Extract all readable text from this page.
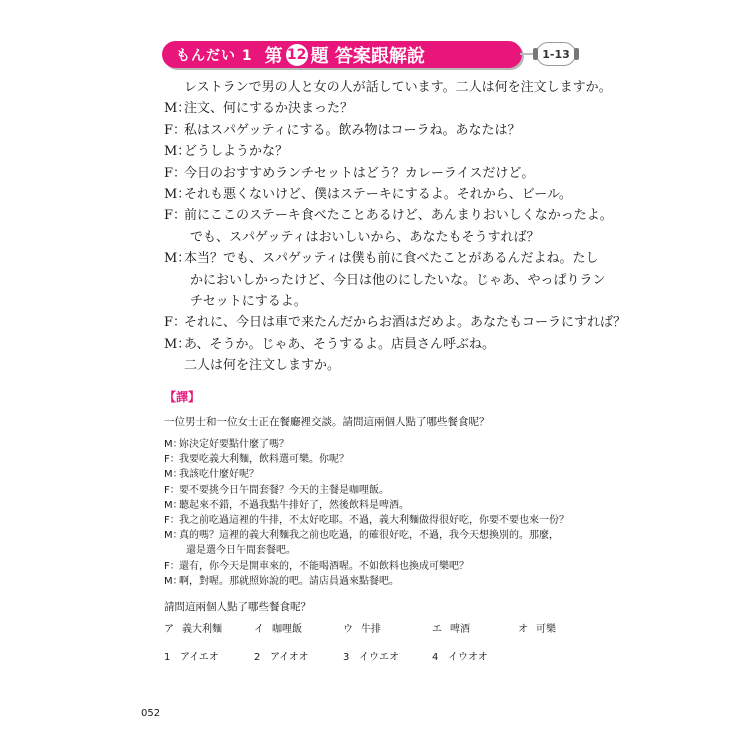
もんだい 1 第 12 題 答案跟解說	1-13
レストランで男の人と女の人が話しています。二人は何を注文しますか。
M：注文、何にするか決まった？
F：私はスパゲッティにする。飲み物はコーラね。あなたは？
M：どうしようかな？
F：今日のおすすめランチセットはどう？カレーライスだけど。
M：それも悪くないけど、僕はステーキにするよ。それから、ビール。
F：前にここのステーキ食べたことあるけど、あんまりおいしくなかったよ。
でも、スパゲッティはおいしいから、あなたもそうすれば？
M：本当？でも、スパゲッティは僕も前に食べたことがあるんだよね。たし
かにおいしかったけど、今日は他のにしたいな。じゃあ、やっぱりラン
チセットにするよ。
F：それに、今日は車で来たんだからお酒はだめよ。あなたもコーラにすれば？
M：あ、そうか。じゃあ、そうするよ。店員さん呼ぶね。
二人は何を注文しますか。
【譯】
一位男士和一位女士正在餐廳裡交談。請問這兩個人點了哪些餐食呢？
M：妳決定好要點什麼了嗎？
F：我要吃義大利麵，飲料選可樂。你呢？
M：我該吃什麼好呢？
F：要不要挑今日午間套餐？今天的主餐是咖哩飯。
M：聽起來不錯，不過我點牛排好了，然後飲料是啤酒。
F：我之前吃過這裡的牛排，不太好吃耶。不過，義大利麵做得很好吃，你要不要也來一份？
M：真的嗎？這裡的義大利麵我之前也吃過，的確很好吃，不過，我今天想換別的。那麼，
還是選今日午間套餐吧。
F：還有，你今天是開車來的，不能喝酒喔。不如飲料也換成可樂吧？
M：啊，對喔。那就照妳說的吧。請店員過來點餐吧。
請問這兩個人點了哪些餐食呢？
ア 義大利麵	イ 咖哩飯	ウ 牛排	エ 啤酒	オ 可樂
1 アイエオ	2 アイオオ	3 イウエオ	4 イウオオ
052
